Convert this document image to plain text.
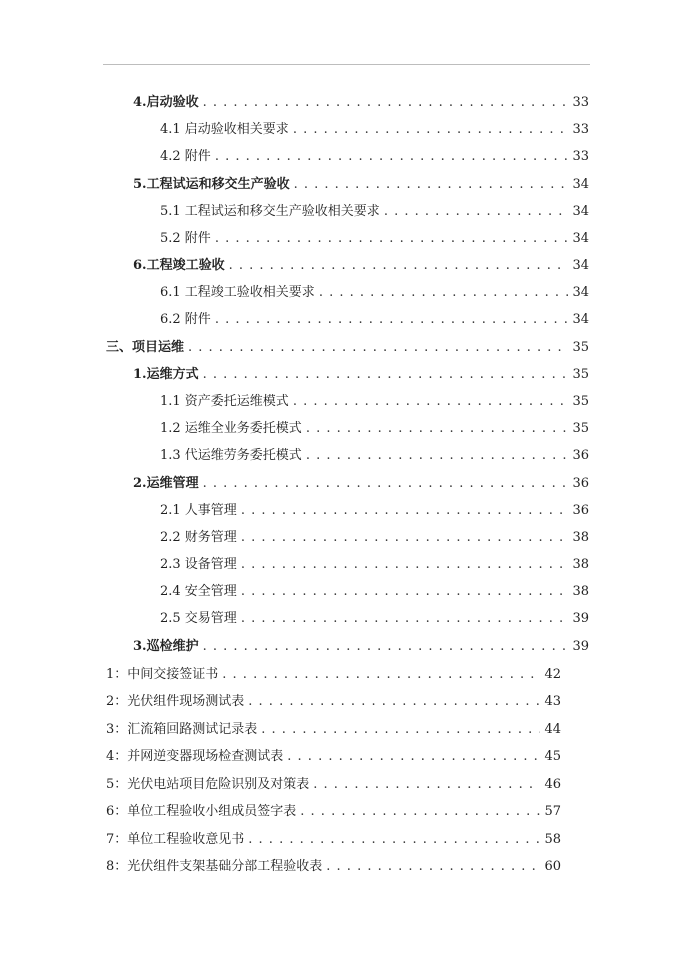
4.启动验收 . . .	33
4.1 启动验收相关要求 . . .	33
4.2 附件 . . .	33
5.工程试运和移交生产验收 . . .	34
5.1 工程试运和移交生产验收相关要求 . . .	34
5.2 附件 . . .	34
6.工程竣工验收 . . .	34
6.1 工程竣工验收相关要求 . . .	34
6.2 附件 . . .	34
三、项目运维 . . .	35
1.运维方式 . . .	35
1.1 资产委托运维模式 . . .	35
1.2 运维全业务委托模式 . . .	35
1.3 代运维劳务委托模式 . . .	36
2.运维管理 . . .	36
2.1 人事管理 . . .	36
2.2 财务管理 . . .	38
2.3 设备管理 . . .	38
2.4 安全管理 . . .	38
2.5 交易管理 . . .	39
3.巡检维护 . . .	39
1：中间交接签证书 . . .	42
2：光伏组件现场测试表 . . .	43
3：汇流箱回路测试记录表 . . .	44
4：并网逆变器现场检查测试表 . . .	45
5：光伏电站项目危险识别及对策表 . . .	46
6：单位工程验收小组成员签字表 . . .	57
7：单位工程验收意见书 . . .	58
8：光伏组件支架基础分部工程验收表 . . .	60
